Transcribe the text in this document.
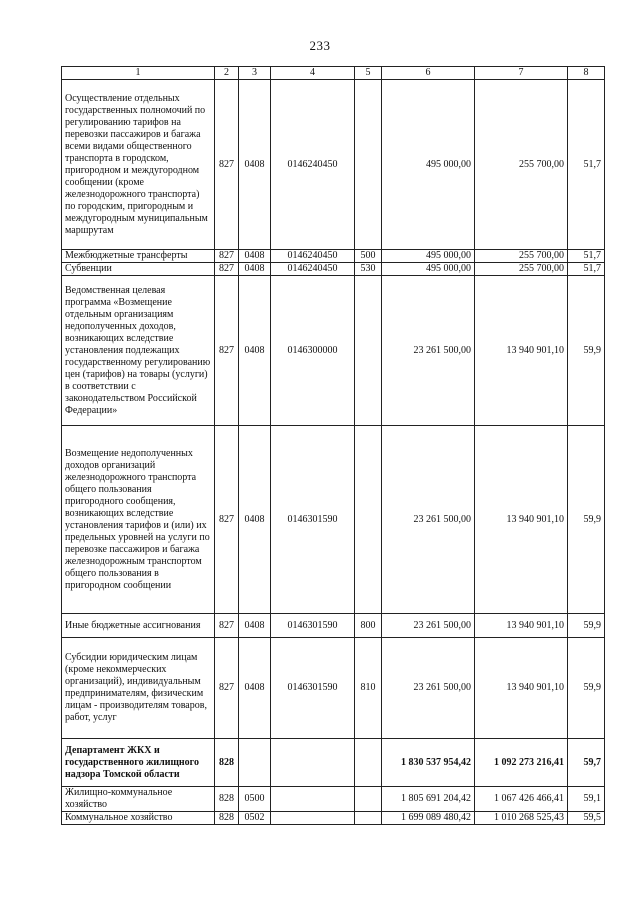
233
1	2	3	4	5	6	7	8
Осуществление отдельных государственных полномочий по регулированию тарифов на перевозки пассажиров и багажа всеми видами общественного транспорта в городском, пригородном и междугородном сообщении (кроме железнодорожного транспорта) по городским, пригородным и междугородным муниципальным маршрутам	827	0408	0146240450		495 000,00	255 700,00	51,7
Межбюджетные трансферты	827	0408	0146240450	500	495 000,00	255 700,00	51,7
Субвенции	827	0408	0146240450	530	495 000,00	255 700,00	51,7
Ведомственная целевая программа «Возмещение отдельным организациям недополученных доходов, возникающих вследствие установления подлежащих государственному регулированию цен (тарифов) на товары (услуги) в соответствии с законодательством Российской Федерации»	827	0408	0146300000		23 261 500,00	13 940 901,10	59,9
Возмещение недополученных доходов организаций железнодорожного транспорта общего пользования пригородного сообщения, возникающих вследствие установления тарифов и (или) их предельных уровней на услуги по перевозке пассажиров и багажа железнодорожным транспортом общего пользования в пригородном сообщении	827	0408	0146301590		23 261 500,00	13 940 901,10	59,9
Иные бюджетные ассигнования	827	0408	0146301590	800	23 261 500,00	13 940 901,10	59,9
Субсидии юридическим лицам (кроме некоммерческих организаций), индивидуальным предпринимателям, физическим лицам - производителям товаров, работ, услуг	827	0408	0146301590	810	23 261 500,00	13 940 901,10	59,9
Департамент ЖКХ и государственного жилищного надзора Томской области	828				1 830 537 954,42	1 092 273 216,41	59,7
Жилищно-коммунальное хозяйство	828	0500			1 805 691 204,42	1 067 426 466,41	59,1
Коммунальное хозяйство	828	0502			1 699 089 480,42	1 010 268 525,43	59,5
